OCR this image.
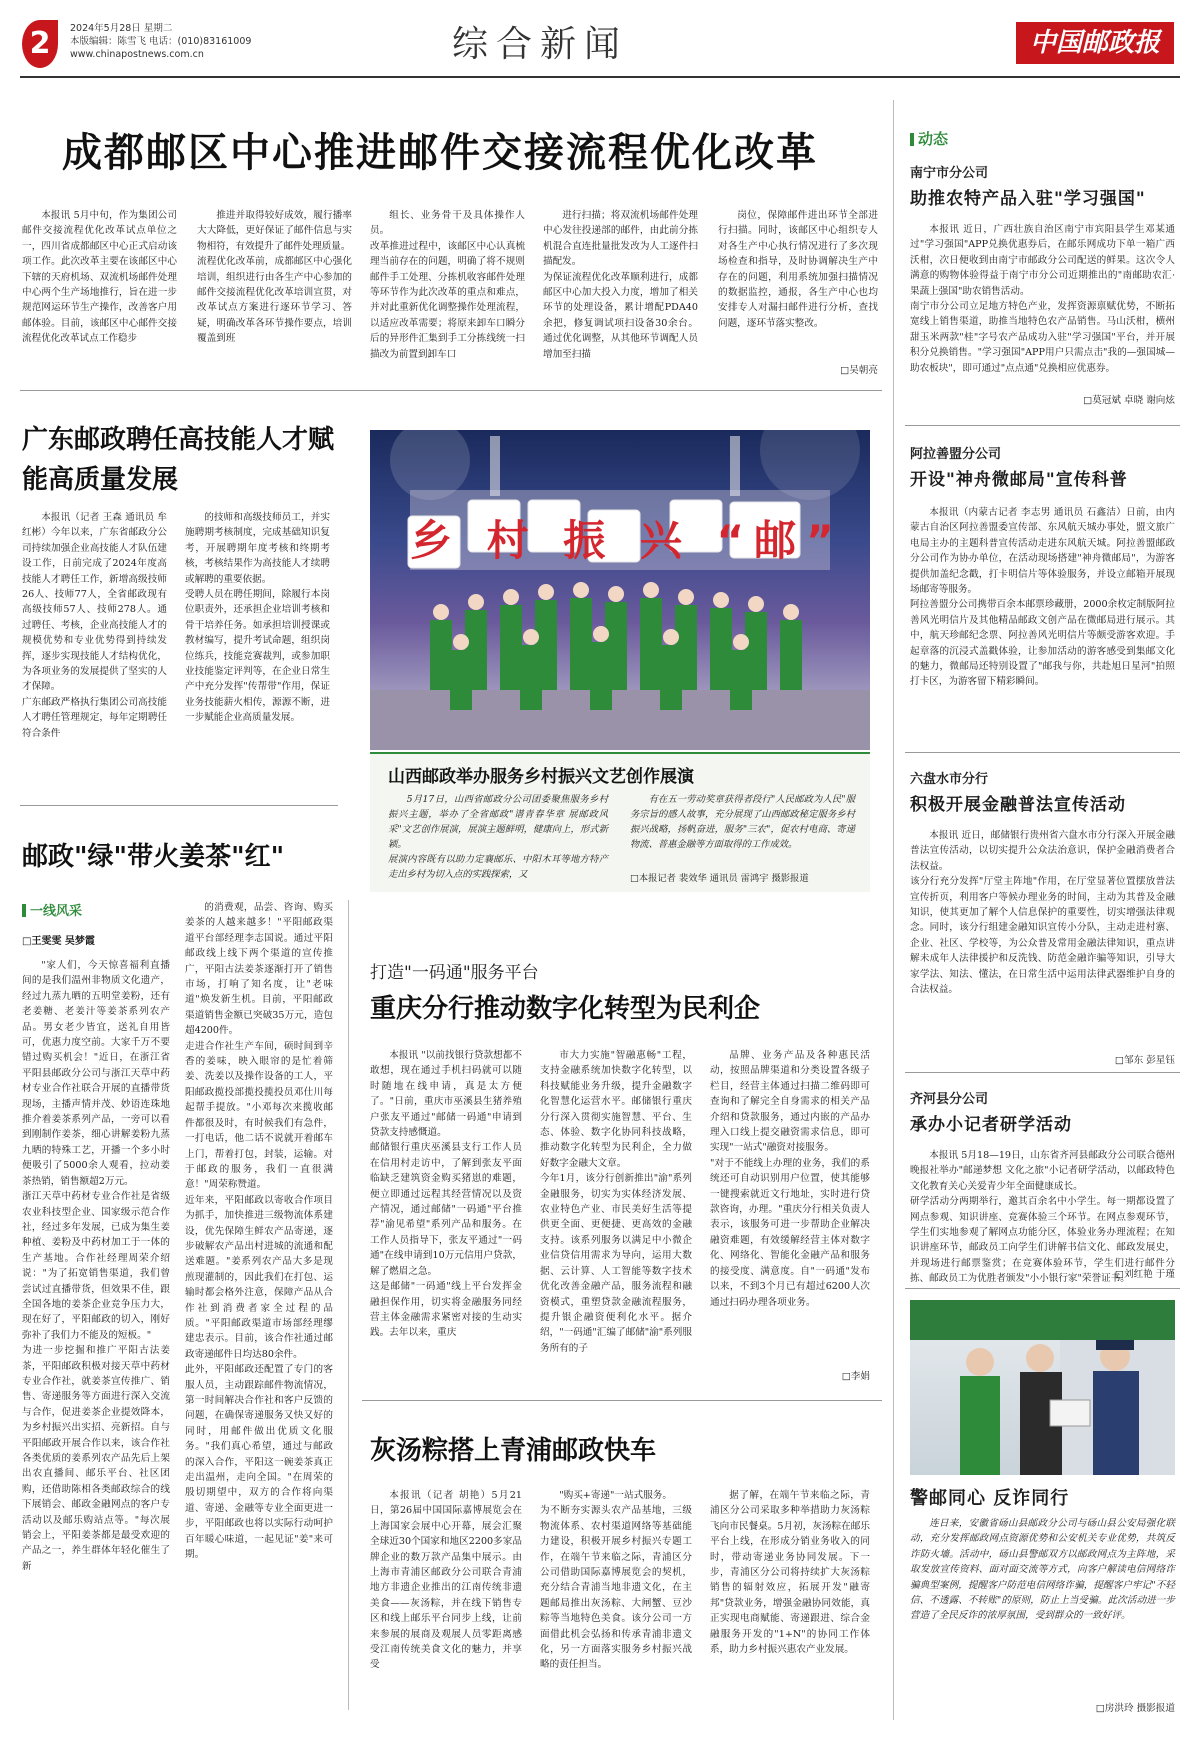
2	2024年5月28日 星期二
本版编辑：陈雪飞 电话：(010)83161009
www.chinapostnews.com.cn	综合新闻	中国邮政报
成都邮区中心推进邮件交接流程优化改革
本报讯 5月中旬，作为集团公司邮件交接流程优化改革试点单位之一，四川省成都邮区中心正式启动该项工作。此次改革主要在该邮区中心下辖的天府机场、双流机场邮件处理中心两个生产场地推行，旨在进一步规范网运环节生产操作，改善客户用邮体验。目前，该邮区中心邮件交接流程优化改革试点工作稳步
推进并取得较好成效，履行播率大大降低，更好保证了邮件信息与实物相符，有效提升了邮件处理质量。
流程优化改革前，成都邮区中心强化培训，组织进行由各生产中心参加的邮件交接流程优化改革培训宣贯，对改革试点方案进行逐环节学习、答疑，明确改革各环节操作要点，培训覆盖到班
组长、业务骨干及具体操作人员。
改革推进过程中，该邮区中心认真梳理当前存在的问题，明确了将不规则邮件手工处理、分拣机收容邮件处理等环节作为此次改革的重点和难点，并对此重新优化调整操作处理流程，以适应改革需要；将原来卸车口瞬分后的异形件汇集到手工分拣线统一扫描改为前置到卸车口
进行扫描；将双流机场邮件处理中心发往投递部的邮件，由此前分拣机混合直连批量批发改为人工逐件扫描配发。
为保证流程优化改革顺利进行，成都邮区中心加大投入力度，增加了相关环节的处理设备，累计增配PDA40余把，修复调试项扫设备30余台。通过优化调整，从其他环节调配人员增加至扫描
岗位，保障邮件进出环节全部进行扫描。同时，该邮区中心组织专人对各生产中心执行情况进行了多次现场检查和指导，及时协调解决生产中存在的问题，利用系统加强扫描情况的数据监控，通报，各生产中心也均安排专人对漏扫邮件进行分析，查找问题，逐环节落实整改。
□吴朝亮
广东邮政聘任高技能人才赋能高质量发展
本报讯（记者 王森 通讯员 牟红彬）今年以来，广东省邮政分公司持续加强企业高技能人才队伍建设工作，日前完成了2024年度高技能人才聘任工作，新增高级技师26人、技师77人，全省邮政现有高级技师57人、技师278人。通过聘任、考核，企业高技能人才的规模优势和专业优势得到持续发挥，逐步实现技能人才结构优化，为各项业务的发展提供了坚实的人才保障。
广东邮政严格执行集团公司高技能人才聘任管理规定，每年定期聘任符合条件
的技师和高级技师员工，并实施聘期考核制度，完成基础知识复考，开展聘期年度考核和终期考核，考核结果作为高技能人才续聘或解聘的重要依据。
受聘人员在聘任期间，除履行本岗位职责外，还承担企业培训考核和骨干培养任务。如承担培训授课或教材编写，提升考试命题，组织岗位练兵，技能竞赛裁判，或参加职业技能鉴定评判等，在企业日常生产中充分发挥"传帮带"作用，保证业务技能薪火相传，源源不断，进一步赋能企业高质量发展。
乡 村 振 兴 “邮”
山西邮政举办服务乡村振兴文艺创作展演
5月17日，山西省邮政分公司团委聚焦服务乡村振兴主题，举办了全省邮政"谱青春华章 展邮政风采"文艺创作展演，展演主题鲜明，健康向上，形式新颖。
展演内容既有以助力定襄邮乐、中阳木耳等地方特产走出乡村为切入点的实践探索，又
有在五一劳动奖章获得者段行"人民邮政为人民"服务宗旨的感人故事，充分展现了山西邮政秘定服务乡村振兴战略，扬帆奋进，服务"三农"，促农村电商、寄递物流、普惠金融等方面取得的工作成效。
□本报记者 裴效华 通讯员 雷鸿宇 摄影报道
邮政"绿"带火姜茶"红"
一线风采
□王雯雯 吴梦霞
"家人们，今天惊喜福利直播间的是我们温州非物质文化遗产，经过九蒸九晒的五明堂姜粉，还有老姜糖、老姜汁等姜茶系列农产品。男女老少皆宜，送礼自用皆可，优惠力度空前。大家千万不要错过购买机会！"近日，在浙江省平阳县邮政分公司与浙江天草中药材专业合作社联合开展的直播带货现场，主播声情并茂、妙语连珠地推介着姜茶系列产品，一旁可以看到刚制作姜茶，细心讲解姜粉九蒸九晒的特殊工艺，开播一个多小时便吸引了5000余人观看，拉动姜茶热销，销售额超2万元。
浙江天草中药材专业合作社是省级农业科技型企业、国家级示范合作社，经过多年发展，已成为集生姜种植、姜粉及中药材加工于一体的生产基地。合作社经理周荣介绍说："为了拓宽销售渠道，我们曾尝试过直播带货，但效果不佳，跟全国各地的姜茶企业竞争压力大，现在好了，平阳邮政的切入，刚好弥补了我们力不能及的短板。"
为进一步挖掘和推广平阳古法姜茶，平阳邮政积极对接天草中药材专业合作社，就姜茶宣传推广、销售、寄递服务等方面进行深入交流与合作，促进姜茶企业提效降本，为乡村振兴出实招、亮新招。自与平阳邮政开展合作以来，该合作社各类优质的姜系列农产品先后上架出农直播间、邮乐平台、社区团购，还借助陈相各类邮政综合的线下展销会、邮政金融网点的客户专活动以及邮乐购站点等。"每次展销会上，平阳姜茶都是最受欢迎的产品之一，养生群体年轻化催生了新
的消费观，品尝、咨询、购买姜茶的人越来越多！"平阳邮政渠道平台部经理李志国说。通过平阳邮政线上线下两个渠道的宣传推广，平阳古法姜茶逐渐打开了销售市场，打响了知名度，让"老味道"焕发新生机。目前，平阳邮政渠道销售金额已突破35万元，造包超4200件。
走进合作社生产车间，硕时间到辛香的姜味，映入眼帘的是忙着筛姜、洗姜以及操作设备的工人，平阳邮政揽投部揽投揽投员邓仕川每起帮手提放。"小邓每次来揽收邮件都很及时，有时候我们有急件，一打电话，他二话不说就开着邮车上门，帮着打包，封装，运输。对于邮政的服务，我们一直很满意！"周荣称赞道。
近年来，平阳邮政以寄收合作项目为抓手，加快推进三级物流体系建设，优先保障生鲜农产品寄递，逐步破解农产品出村进城的流通和配送难题。"姜系列农产品大多是现煎现灌制的，因此我们在打包、运输时都会格外注意，保障产品从合作社到消费者家全过程的品质。"平阳邮政渠道市场部经理缪建忠表示。目前，该合作社通过邮政寄递邮件日均达80余件。
此外，平阳邮政还配置了专门的客服人员，主动跟踪邮件物流情况，第一时间解决合作社和客户反馈的问题，在确保寄递服务又快又好的同时，用邮件做出优质文化服务。"我们真心希望，通过与邮政的深入合作，平阳这一碗姜茶真正走出温州，走向全国。"在周荣的殷切期望中，双方的合作将向渠道、寄递、金融等专业全面更进一步，平阳邮政也将以实际行动呵护百年暖心味道，一起见证"姜"来可期。
打造"一码通"服务平台
重庆分行推动数字化转型为民利企
本报讯 "以前找银行贷款想都不敢想，现在通过手机扫码就可以随时随地在线申请，真是太方便了。"日前，重庆市巫溪县生猪养殖户张友平通过"邮储一码通"申请到贷款支持感慨道。
邮储银行重庆巫溪县支行工作人员在信用村走访中，了解到张友平面临缺乏建筑资金购买猪崽的难题，便立即通过远程其经营情况以及资产情况，通过邮储"一码通"平台推荐"渝见希望"系列产品和服务。在工作人员指导下，张友平通过"一码通"在线申请到10万元信用户贷款，解了燃眉之急。
这是邮储"一码通"线上平台发挥金融担保作用，切实将金融服务同经营主体金融需求紧密对接的生动实践。去年以来，重庆
市大力实施"智融惠畅"工程，支持金融系统加快数字化转型，以科技赋能业务升级，提升金融数字化智慧化运营水平。邮储银行重庆分行深入贯彻实施智慧、平台、生态、体验、数字化协同科技战略，推动数字化转型为民利企，全力做好数字金融大文章。
今年1月，该分行创新推出"渝"系列金融服务，切实为实体经济发展、农业特色产业、市民美好生活等提供更全面、更便捷、更高效的金融支持。该系列服务以满足中小微企业信贷信用需求为导向，运用大数据、云计算、人工智能等数字技术优化改善金融产品，服务流程和融资模式，重塑贷款金融流程服务，提升银企融资便利化水平。据介绍，"一码通"汇编了邮储"渝"系列服务所有的子
品牌、业务产品及各种惠民活动，按照品牌渠道和分类设置各级子栏目，经营主体通过扫描二维码即可查询和了解完全自身需求的相关产品介绍和贷款服务，通过内嵌的产品办理入口线上提交融资需求信息，即可实现"一站式"融资对接服务。
"对于不能线上办理的业务，我们的系统还可自动识别用户位置，使其能够一键搜索就近文行地址，实时进行贷款咨询，办理。"重庆分行相关负责人表示，该服务可进一步帮助企业解决融资难题，有效缓解经营主体对数字化、网络化、智能化金融产品和服务的接受度、满意度。自"一码通"发布以来，不到3个月已有超过6200人次通过扫码办理各项业务。
□李娟
灰汤粽搭上青浦邮政快车
本报讯（记者 胡艳）5月21日，第26届中国国际嘉博展览会在上海国家会展中心开幕，展会汇聚全球近30个国家和地区2200多家品牌企业的数万款产品集中展示。由上海市青浦区邮政分公司联合青浦地方非遗企业推出的江南传统非遗美食——灰汤粽，并在线下销售专区和线上邮乐平台同步上线，让前来参展的展商及观展人员零距离感受江南传统美食文化的魅力，并享受
"购买+寄递"一站式服务。
为不断夯实源头农产品基地，三级物流体系、农村渠道网络等基础能力建设，积极开展乡村振兴专题工作，在端午节来临之际，青浦区分公司借助国际嘉博展览会的契机，充分结合青浦当地非遗文化，在主题邮局推出灰汤粽、大闸蟹、豆沙粽等当地特色美食。该分公司一方面借此机会弘扬和传承青浦非遗文化，另一方面落实服务乡村振兴战略的责任担当。
据了解，在端午节来临之际，青浦区分公司采取多种举措助力灰汤粽飞向市民餐桌。5月初，灰汤粽在邮乐平台上线，在形成分销业务收入的同时，带动寄递业务协同发展。下一步，青浦区分公司将持续扩大灰汤粽销售的辐射效应，拓展开发"融寄邦"贷款业务，增强金融协同效能，真正实现电商赋能、寄递跟进、综合金融服务开发的"1+N"的协同工作体系，助力乡村振兴惠农产业发展。
动态
南宁市分公司
助推农特产品入驻"学习强国"
本报讯 近日，广西壮族自治区南宁市宾阳县学生邓某通过"学习强国"APP兑换优惠券后，在邮乐网成功下单一箱广西沃柑，次日便收到由南宁市邮政分公司配送的鲜果。这次令人满意的购物体验得益于南宁市分公司近期推出的"南邮助农汇·果蔬上强国"助农销售活动。
南宁市分公司立足地方特色产业，发挥资源禀赋优势，不断拓宽线上销售渠道，助推当地特色农产品销售。马山沃柑，横州甜玉米两款"桂"字号农产品成功入驻"学习强国"平台，并开展积分兑换销售。"学习强国"APP用户只需点击"我的—强国城—助农板块"，即可通过"点点通"兑换相应优惠券。
□莫冠斌 卓晓 谢向炫
阿拉善盟分公司
开设"神舟微邮局"宣传科普
本报讯（内蒙古记者 李志男 通讯员 石鑫洁）日前，由内蒙古自治区阿拉善盟委宣传部、东风航天城办事处，盟文旅广电局主办的主题科普宣传活动走进东风航天城。阿拉善盟邮政分公司作为协办单位，在活动现场搭建"神舟微邮局"，为游客提供加盖纪念戳，打卡明信片等体验服务，并设立邮箱开展现场邮寄等服务。
阿拉善盟分公司携带百余本邮票珍藏册，2000余枚定制版阿拉善风光明信片及其他精品邮政文创产品在微邮局进行展示。其中，航天珍邮纪念票、阿拉善风光明信片等颇受游客欢迎。手起章落的沉浸式盖戳体验，让参加活动的游客感受到集邮文化的魅力，微邮局还特别设置了"邮我与你，共赴旭日星河"拍照打卡区，为游客留下精彩瞬间。
六盘水市分行
积极开展金融普法宣传活动
本报讯 近日，邮储银行贵州省六盘水市分行深入开展金融普法宣传活动，以切实提升公众法治意识，保护金融消费者合法权益。
该分行充分发挥"厅堂主阵地"作用，在厅堂显著位置摆放普法宣传折页，利用客户等候办理业务的时间，主动为其普及金融知识，使其更加了解个人信息保护的重要性，切实增强法律观念。同时，该分行组建金融知识宣传小分队，主动走进村寨、企业、社区、学校等，为公众普及常用金融法律知识，重点讲解未成年人法律援护和反洗钱、防范金融诈骗等知识，引导大家学法、知法、懂法，在日常生活中运用法律武器维护自身的合法权益。
□邹东 彭星钰
齐河县分公司
承办小记者研学活动
本报讯 5月18—19日，山东省齐河县邮政分公司联合德州晚报社举办"邮递梦想 文化之旅"小记者研学活动，以邮政特色文化教育关心关爱青少年全面健康成长。
研学活动分两期举行，邀其百余名中小学生。每一期都设置了网点参观、知识讲座、竞赛体验三个环节。在网点参观环节，学生们实地参观了解网点功能分区，体验业务办理流程；在知识讲座环节，邮政员工向学生们讲解书信文化、邮政发展史，并现场进行邮票鉴赏；在竞赛体验环节，学生们进行邮件分拣、邮政员工为优胜者颁发"小小银行家"荣誉证书。
□刘红艳 于瑾
警邮同心 反诈同行
连日来，安徽省砀山县邮政分公司与砀山县公安局强化联动，充分发挥邮政网点资源优势和公安机关专业优势，共筑反诈防火墙。活动中，砀山县警邮双方以邮政网点为主阵地，采取发放宣传资料、面对面交流等方式，向客户解读电信网络诈骗典型案例，提醒客户防范电信网络诈骗，提醒客户牢记"不轻信、不透露、不转账"的原则，防止上当受骗。此次活动进一步营造了全民反诈的浓厚氛围，受到群众的一致好评。
□房洪玲 摄影报道
